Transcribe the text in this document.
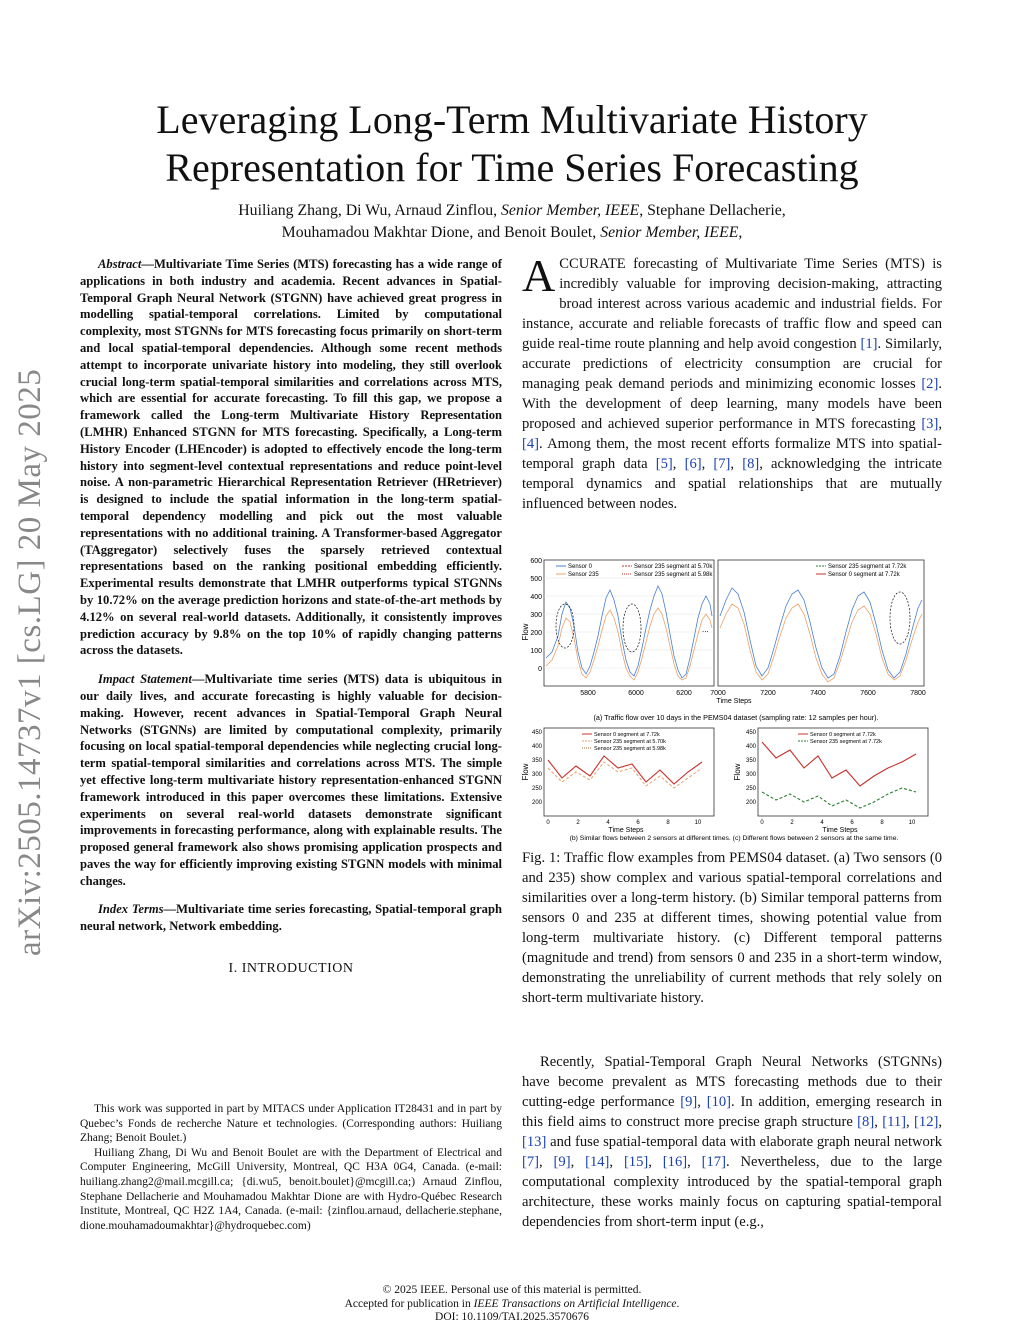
arXiv:2505.14737v1 [cs.LG] 20 May 2025
Leveraging Long-Term Multivariate History Representation for Time Series Forecasting
Huiliang Zhang, Di Wu, Arnaud Zinflou, Senior Member, IEEE, Stephane Dellacherie,
Mouhamadou Makhtar Dione, and Benoit Boulet, Senior Member, IEEE,

Abstract—Multivariate Time Series (MTS) forecasting has a wide range of applications in both industry and academia. Recent advances in Spatial-Temporal Graph Neural Network (STGNN) have achieved great progress in modelling spatial-temporal correlations. Limited by computational complexity, most STGNNs for MTS forecasting focus primarily on short-term and local spatial-temporal dependencies. Although some recent methods attempt to incorporate univariate history into modeling, they still overlook crucial long-term spatial-temporal similarities and correlations across MTS, which are essential for accurate forecasting. To fill this gap, we propose a framework called the Long-term Multivariate History Representation (LMHR) Enhanced STGNN for MTS forecasting. Specifically, a Long-term History Encoder (LHEncoder) is adopted to effectively encode the long-term history into segment-level contextual representations and reduce point-level noise. A non-parametric Hierarchical Representation Retriever (HRetriever) is designed to include the spatial information in the long-term spatial-temporal dependency modelling and pick out the most valuable representations with no additional training. A Transformer-based Aggregator (TAggregator) selectively fuses the sparsely retrieved contextual representations based on the ranking positional embedding efficiently. Experimental results demonstrate that LMHR outperforms typical STGNNs by 10.72% on the average prediction horizons and state-of-the-art methods by 4.12% on several real-world datasets. Additionally, it consistently improves prediction accuracy by 9.8% on the top 10% of rapidly changing patterns across the datasets.

Impact Statement—Multivariate time series (MTS) data is ubiquitous in our daily lives, and accurate forecasting is highly valuable for decision-making. However, recent advances in Spatial-Temporal Graph Neural Networks (STGNNs) are limited by computational complexity, primarily focusing on local spatial-temporal dependencies while neglecting crucial long-term spatial-temporal similarities and correlations across MTS. The simple yet effective long-term multivariate history representation-enhanced STGNN framework introduced in this paper overcomes these limitations. Extensive experiments on several real-world datasets demonstrate significant improvements in forecasting performance, along with explainable results. The proposed general framework also shows promising application prospects and paves the way for efficiently improving existing STGNN models with minimal changes.

Index Terms—Multivariate time series forecasting, Spatial-temporal graph neural network, Network embedding.

I. INTRODUCTION

This work was supported in part by MITACS under Application IT28431 and in part by Quebec’s Fonds de recherche Nature et technologies. (Corresponding authors: Huiliang Zhang; Benoit Boulet.)

Huiliang Zhang, Di Wu and Benoit Boulet are with the Department of Electrical and Computer Engineering, McGill University, Montreal, QC H3A 0G4, Canada. (e-mail: huiliang.zhang2@mail.mcgill.ca; {di.wu5, benoit.boulet}@mcgill.ca;) Arnaud Zinflou, Stephane Dellacherie and Mouhamadou Makhtar Dione are with Hydro-Québec Research Institute, Montreal, QC H2Z 1A4, Canada. (e-mail: {zinflou.arnaud, dellacherie.stephane, dione.mouhamadoumakhtar}@hydroquebec.com)

ACCURATE forecasting of Multivariate Time Series (MTS) is incredibly valuable for improving decision-making, attracting broad interest across various academic and industrial fields. For instance, accurate and reliable forecasts of traffic flow and speed can guide real-time route planning and help avoid congestion [1]. Similarly, accurate predictions of electricity consumption are crucial for managing peak demand periods and minimizing economic losses [2]. With the development of deep learning, many models have been proposed and achieved superior performance in MTS forecasting [3], [4]. Among them, the most recent efforts formalize MTS into spatial-temporal graph data [5], [6], [7], [8], acknowledging the intricate temporal dynamics and spatial relationships that are mutually influenced between nodes.

Flow
600
500
400
300
200
100
0
5800	6000	6200
Sensor 0
Sensor 235
Sensor 235 segment at 5.70k
Sensor 235 segment at 5.98k
...
7000	7200	7400	7600	7800
Time Steps
Sensor 235 segment at 7.72k
Sensor 0 segment at 7.72k
(a) Traffic flow over 10 days in the PEMS04 dataset (sampling rate: 12 samples per hour).
Flow
450
400
350
300
250
200
0	2	4	6	8	10
Time Steps
Sensor 0 segment at 7.72k
Sensor 235 segment at 5.70k
Sensor 235 segment at 5.98k
Flow
450
400
350
300
250
200
0	2	4	6	8	10
Time Steps
Sensor 0 segment at 7.72k
Sensor 235 segment at 7.72k
(b) Similar flows between 2 sensors at different times. (c) Different flows between 2 sensors at the same time.
Fig. 1: Traffic flow examples from PEMS04 dataset. (a) Two sensors (0 and 235) show complex and various spatial-temporal correlations and similarities over a long-term history. (b) Similar temporal patterns from sensors 0 and 235 at different times, showing potential value from long-term multivariate history. (c) Different temporal patterns (magnitude and trend) from sensors 0 and 235 in a short-term window, demonstrating the unreliability of current methods that rely solely on short-term multivariate history.
Recently, Spatial-Temporal Graph Neural Networks (STGNNs) have become prevalent as MTS forecasting methods due to their cutting-edge performance [9], [10]. In addition, emerging research in this field aims to construct more precise graph structure [8], [11], [12], [13] and fuse spatial-temporal data with elaborate graph neural network [7], [9], [14], [15], [16], [17]. Nevertheless, due to the large computational complexity introduced by the spatial-temporal graph architecture, these works mainly focus on capturing spatial-temporal dependencies from short-term input (e.g.,
© 2025 IEEE. Personal use of this material is permitted.
Accepted for publication in IEEE Transactions on Artificial Intelligence.
DOI: 10.1109/TAI.2025.3570676
